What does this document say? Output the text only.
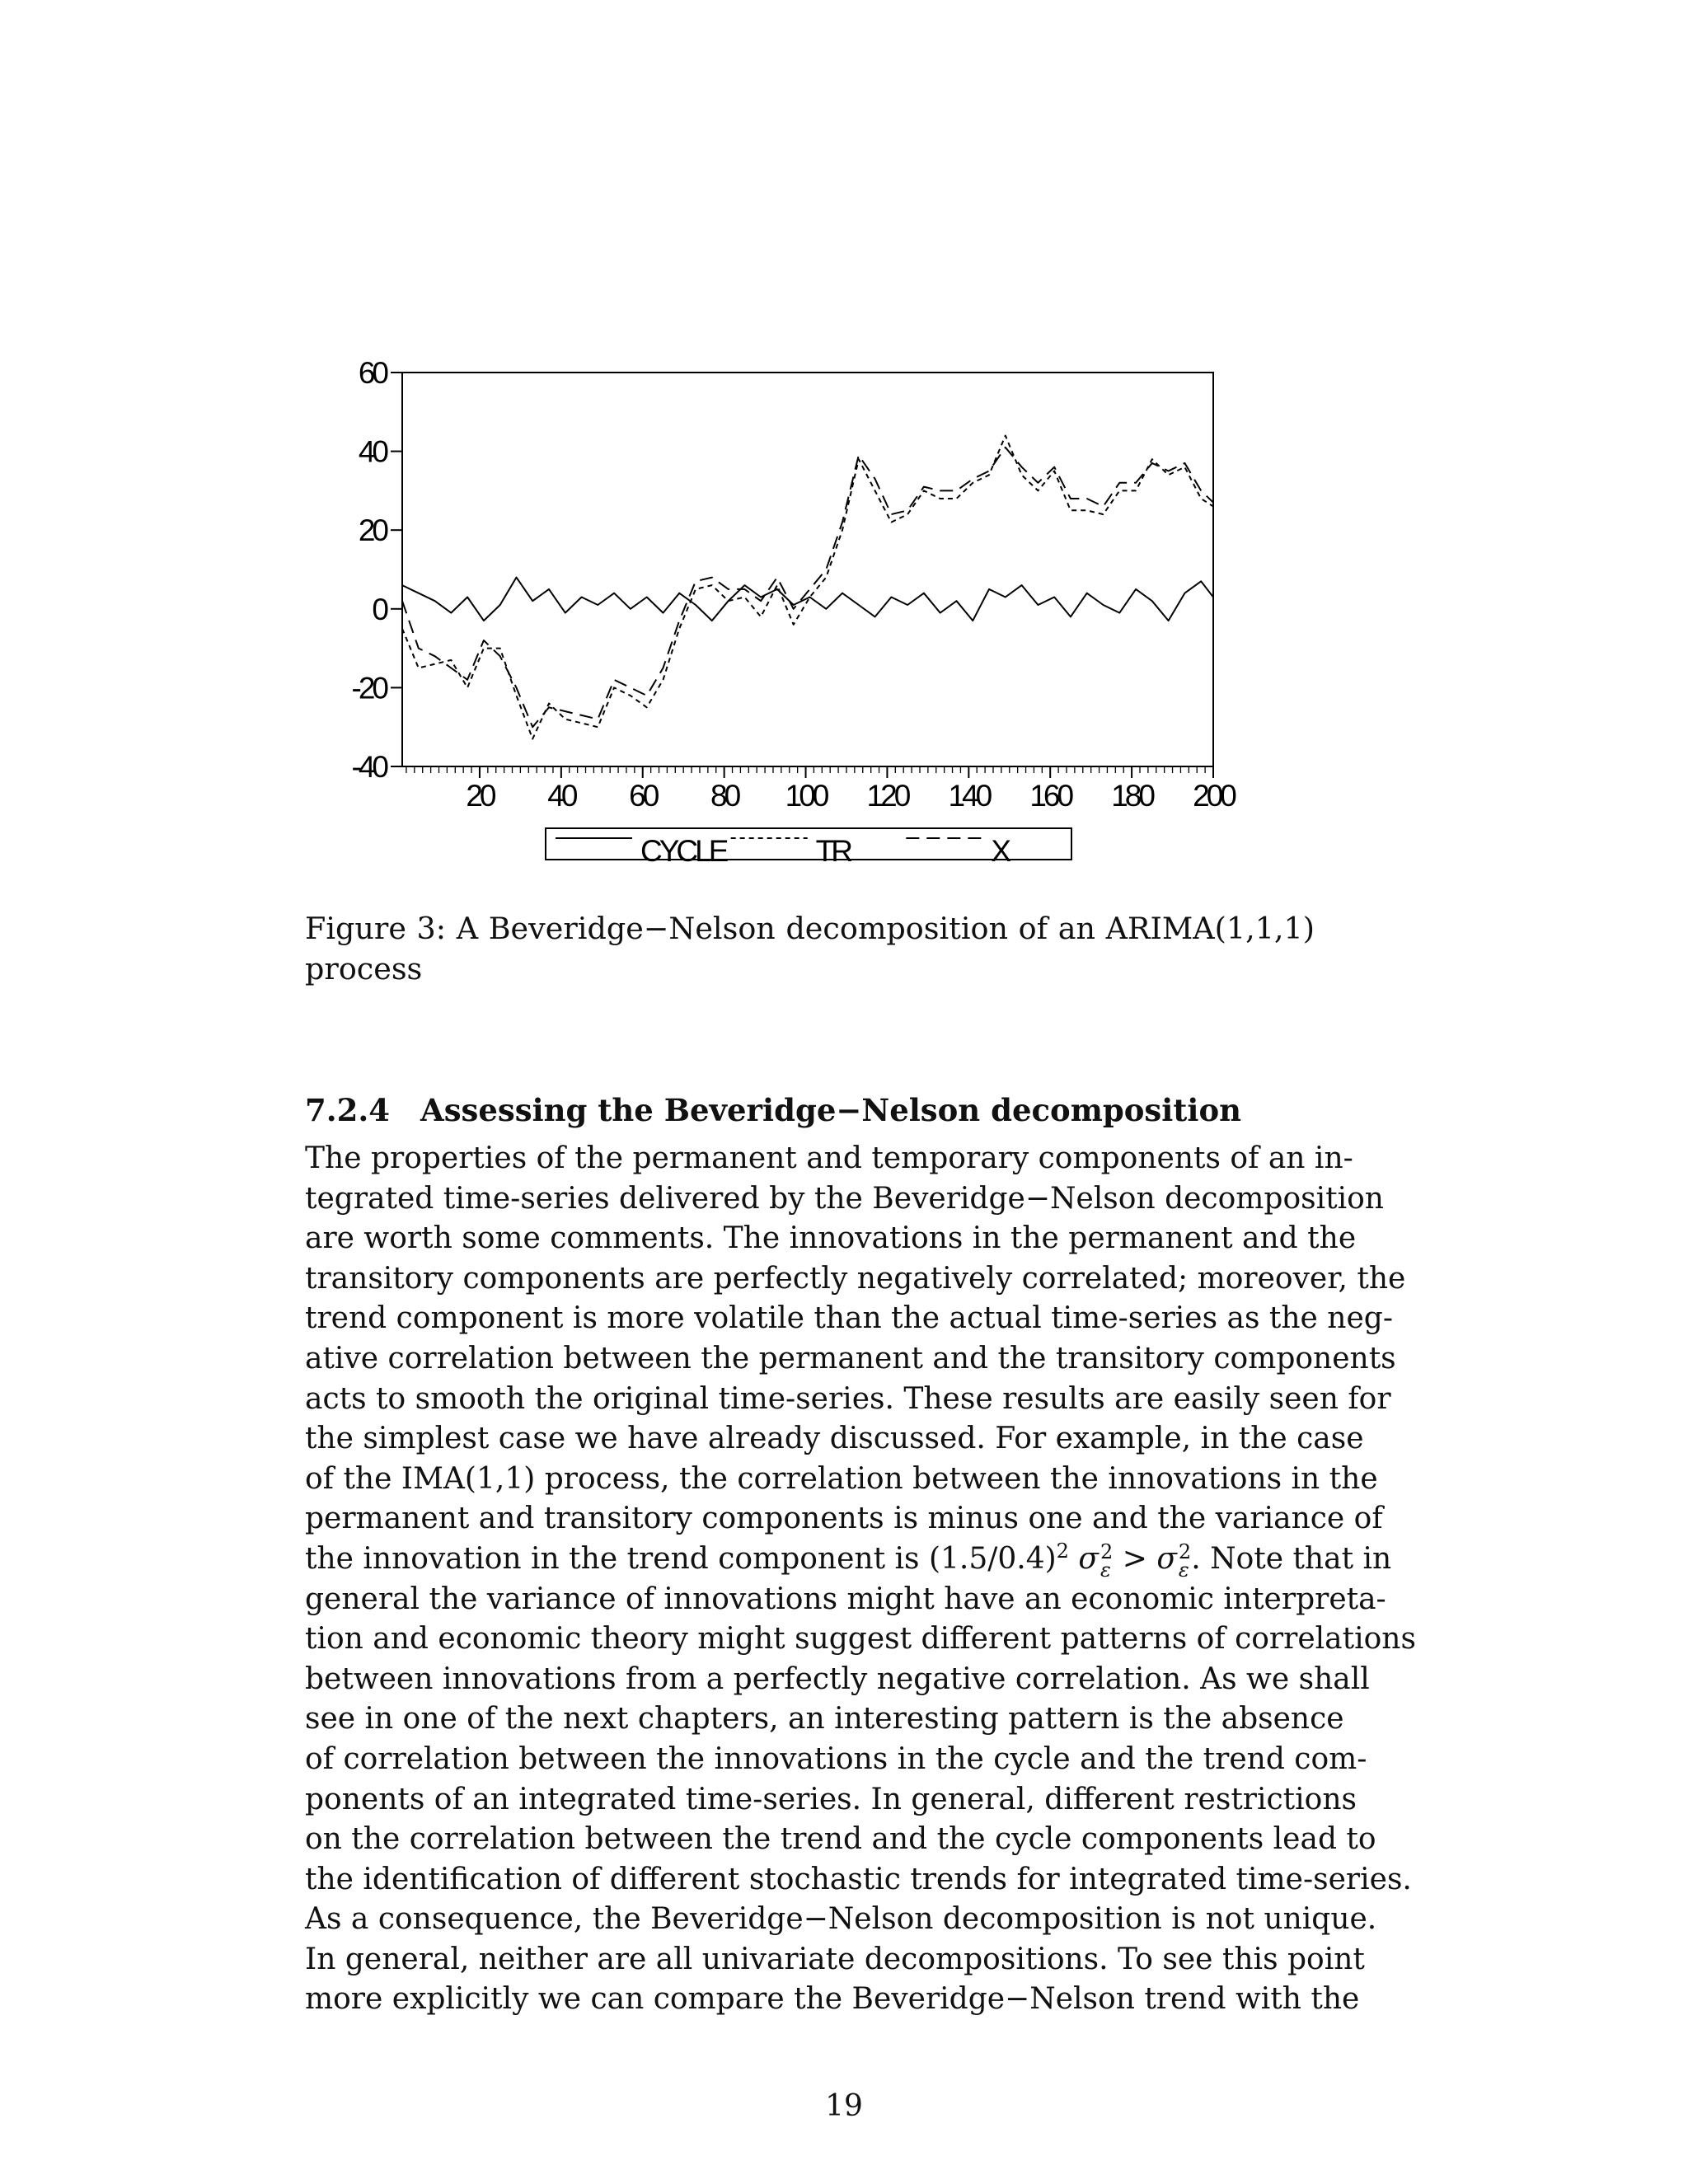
-40
-20
0
20
40
60
20 40 60 80 100 120 140 160 180 200
CYCLE	TR	X
Figure 3: A Beveridge−Nelson decomposition of an ARIMA(1,1,1)
process
7.2.4 Assessing the Beveridge−Nelson decomposition
The properties of the permanent and temporary components of an in-
tegrated time-series delivered by the Beveridge−Nelson decomposition
are worth some comments. The innovations in the permanent and the
transitory components are perfectly negatively correlated; moreover, the
trend component is more volatile than the actual time-series as the neg-
ative correlation between the permanent and the transitory components
acts to smooth the original time-series. These results are easily seen for
the simplest case we have already discussed. For example, in the case
of the IMA(1,1) process, the correlation between the innovations in the
permanent and transitory components is minus one and the variance of
the innovation in the trend component is $(1.5/0.4)^2$ σ 2
ε > σ 2
ε . Note that in
general the variance of innovations might have an economic interpreta-
tion and economic theory might suggest different patterns of correlations
between innovations from a perfectly negative correlation. As we shall
see in one of the next chapters, an interesting pattern is the absence
of correlation between the innovations in the cycle and the trend com-
ponents of an integrated time-series. In general, different restrictions
on the correlation between the trend and the cycle components lead to
the identification of different stochastic trends for integrated time-series.
As a consequence, the Beveridge−Nelson decomposition is not unique.
In general, neither are all univariate decompositions. To see this point
more explicitly we can compare the Beveridge−Nelson trend with the
19
